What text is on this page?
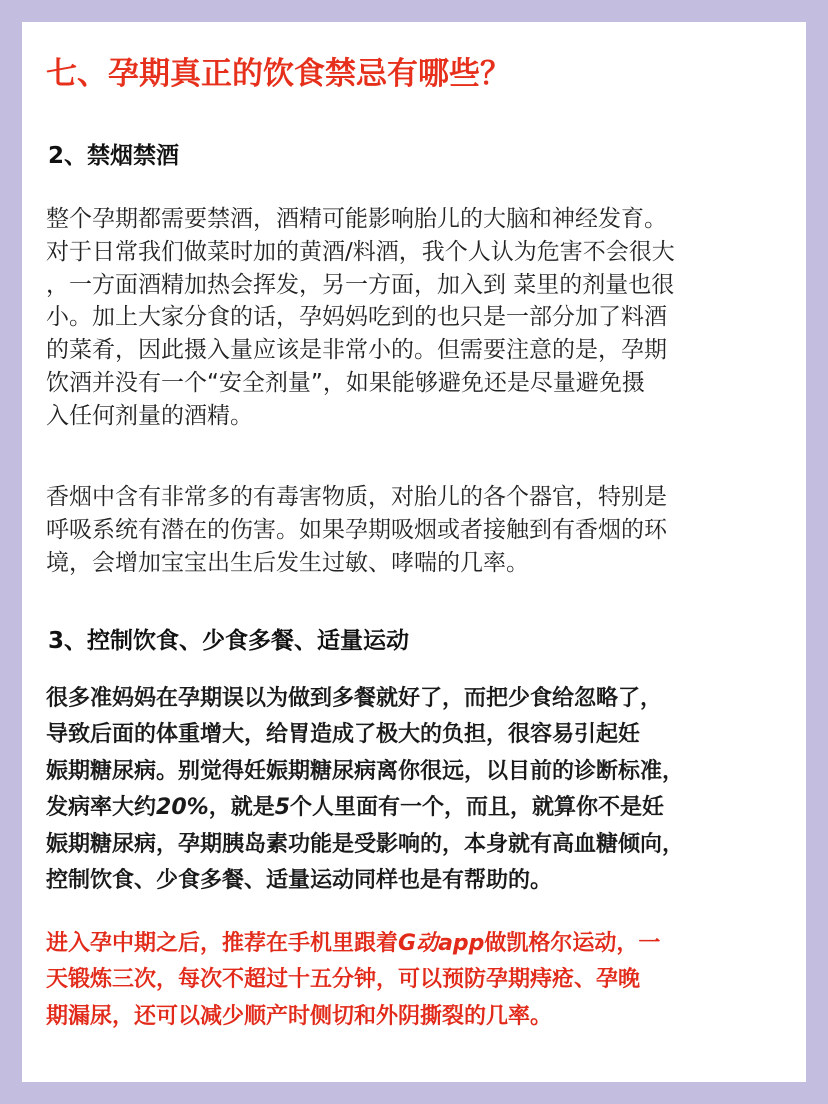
七、孕期真正的饮食禁忌有哪些？
2、禁烟禁酒
整个孕期都需要禁酒，酒精可能影响胎儿的大脑和神经发育。
对于日常我们做菜时加的黄酒/料酒，我个人认为危害不会很大
，一方面酒精加热会挥发，另一方面，加入到 菜里的剂量也很
小。加上大家分食的话，孕妈妈吃到的也只是一部分加了料酒
的菜肴，因此摄入量应该是非常小的。但需要注意的是，孕期
饮酒并没有一个“安全剂量”，如果能够避免还是尽量避免摄
入任何剂量的酒精。
香烟中含有非常多的有毒害物质，对胎儿的各个器官，特别是
呼吸系统有潜在的伤害。如果孕期吸烟或者接触到有香烟的环
境，会增加宝宝出生后发生过敏、哮喘的几率。
3、控制饮食、少食多餐、适量运动
很多准妈妈在孕期误以为做到多餐就好了，而把少食给忽略了，
导致后面的体重增大，给胃造成了极大的负担，很容易引起妊
娠期糖尿病。别觉得妊娠期糖尿病离你很远，以目前的诊断标准，
发病率大约20%，就是5个人里面有一个，而且，就算你不是妊
娠期糖尿病，孕期胰岛素功能是受影响的，本身就有高血糖倾向，
控制饮食、少食多餐、适量运动同样也是有帮助的。
进入孕中期之后，推荐在手机里跟着G动app做凯格尔运动，一
天锻炼三次，每次不超过十五分钟，可以预防孕期痔疮、孕晚
期漏尿，还可以减少顺产时侧切和外阴撕裂的几率。
